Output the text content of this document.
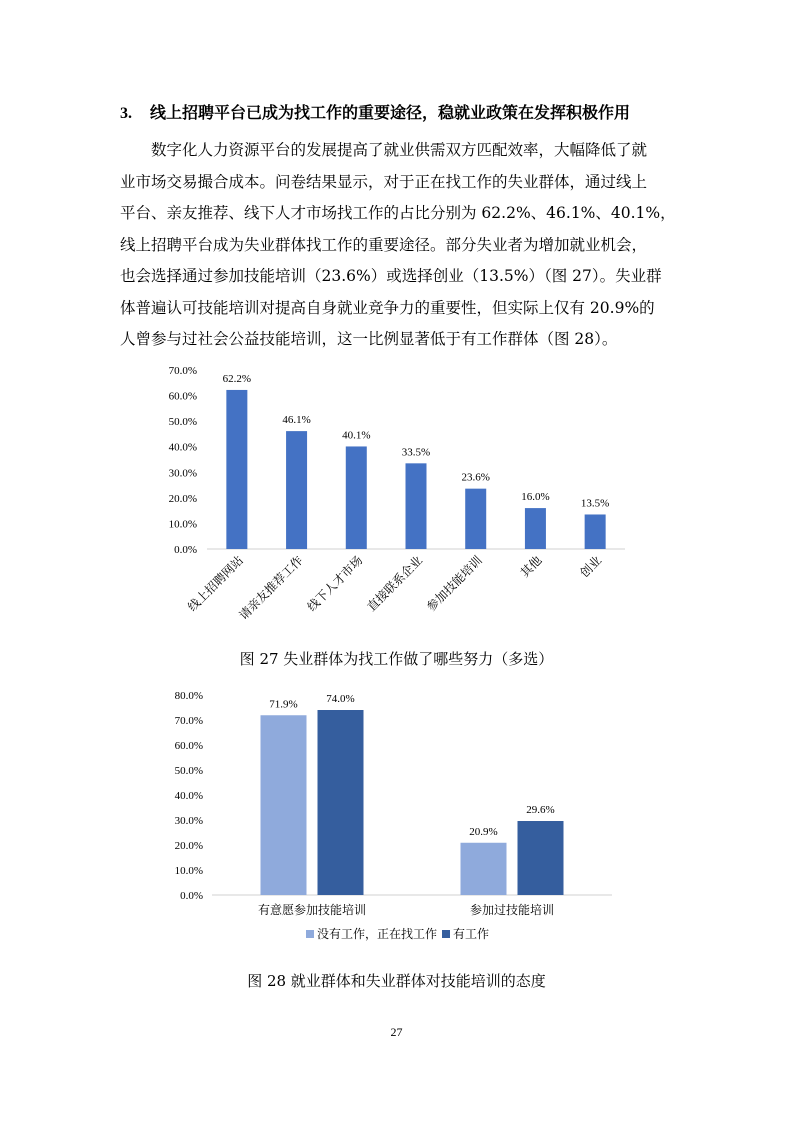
3. 线上招聘平台已成为找工作的重要途径，稳就业政策在发挥积极作用
数字化人力资源平台的发展提高了就业供需双方匹配效率，大幅降低了就
业市场交易撮合成本。问卷结果显示，对于正在找工作的失业群体，通过线上
平台、亲友推荐、线下人才市场找工作的占比分别为 62.2%、46.1%、40.1%，
线上招聘平台成为失业群体找工作的重要途径。部分失业者为增加就业机会，
也会选择通过参加技能培训（23.6%）或选择创业（13.5%）（图 27）。失业群
体普遍认可技能培训对提高自身就业竞争力的重要性，但实际上仅有 20.9%的
人曾参与过社会公益技能培训，这一比例显著低于有工作群体（图 28）。
0.0%
10.0%
20.0%
30.0%
40.0%
50.0%
60.0%
70.0%
62.2%
线上招聘网站
46.1%
请亲友推荐工作
40.1%
线下人才市场
33.5%
直接联系企业
23.6%
参加技能培训
16.0%
其他
13.5%
创业
图 27 失业群体为找工作做了哪些努力（多选）
0.0%
10.0%
20.0%
30.0%
40.0%
50.0%
60.0%
70.0%
80.0%
71.9%	74.0%
有意愿参加技能培训
20.9%
29.6%
参加过技能培训
没有工作，正在找工作 有工作
图 28 就业群体和失业群体对技能培训的态度
27
